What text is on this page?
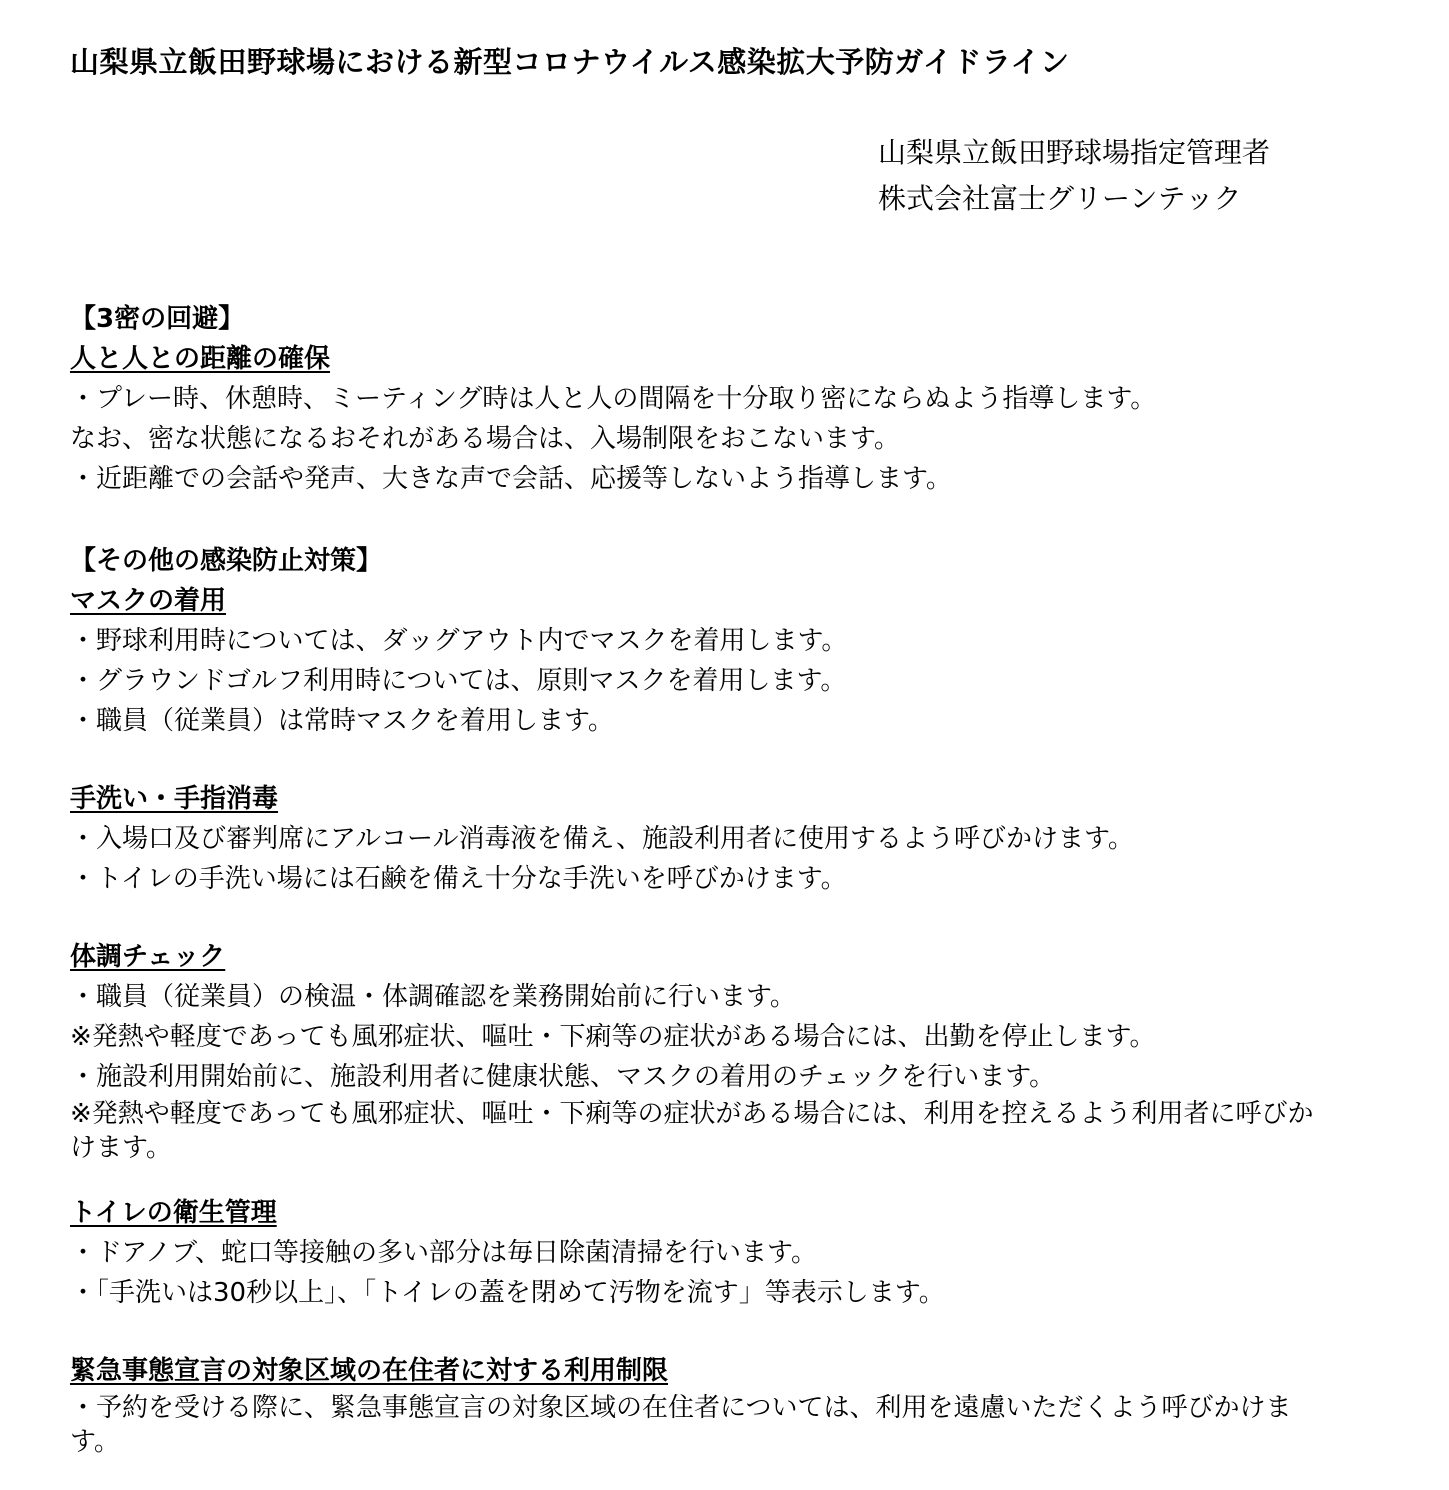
山梨県立飯田野球場における新型コロナウイルス感染拡大予防ガイドライン
山梨県立飯田野球場指定管理者
株式会社富士グリーンテック
【3密の回避】
人と人との距離の確保
・プレー時、休憩時、ミーティング時は人と人の間隔を十分取り密にならぬよう指導します。
なお、密な状態になるおそれがある場合は、入場制限をおこないます。
・近距離での会話や発声、大きな声で会話、応援等しないよう指導します。
【その他の感染防止対策】
マスクの着用
・野球利用時については、ダッグアウト内でマスクを着用します。
・グラウンドゴルフ利用時については、原則マスクを着用します。
・職員（従業員）は常時マスクを着用します。
手洗い・手指消毒
・入場口及び審判席にアルコール消毒液を備え、施設利用者に使用するよう呼びかけます。
・トイレの手洗い場には石鹸を備え十分な手洗いを呼びかけます。
体調チェック
・職員（従業員）の検温・体調確認を業務開始前に行います。
※発熱や軽度であっても風邪症状、嘔吐・下痢等の症状がある場合には、出勤を停止します。
・施設利用開始前に、施設利用者に健康状態、マスクの着用のチェックを行います。
※発熱や軽度であっても風邪症状、嘔吐・下痢等の症状がある場合には、利用を控えるよう利用者に呼びかけます。
トイレの衛生管理
・ドアノブ、蛇口等接触の多い部分は毎日除菌清掃を行います。
・「手洗いは30秒以上」、「トイレの蓋を閉めて汚物を流す」等表示します。
緊急事態宣言の対象区域の在住者に対する利用制限
・予約を受ける際に、緊急事態宣言の対象区域の在住者については、利用を遠慮いただくよう呼びかけます。
